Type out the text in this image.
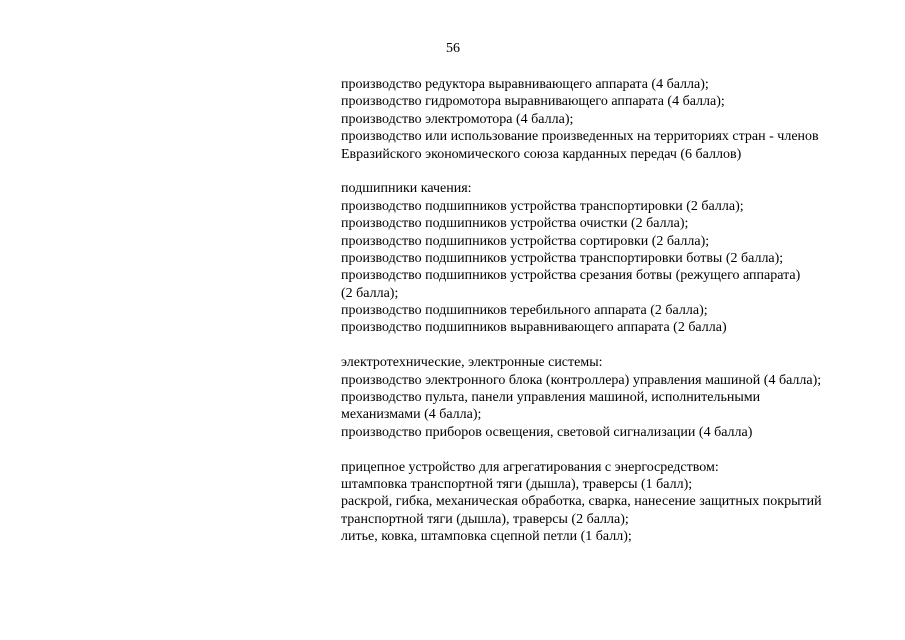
56
производство редуктора выравнивающего аппарата (4 балла);
производство гидромотора выравнивающего аппарата (4 балла);
производство электромотора (4 балла);
производство или использование произведенных на территориях стран - членов
Евразийского экономического союза карданных передач (6 баллов)
подшипники качения:
производство подшипников устройства транспортировки (2 балла);
производство подшипников устройства очистки (2 балла);
производство подшипников устройства сортировки (2 балла);
производство подшипников устройства транспортировки ботвы (2 балла);
производство подшипников устройства срезания ботвы (режущего аппарата)
(2 балла);
производство подшипников теребильного аппарата (2 балла);
производство подшипников выравнивающего аппарата (2 балла)
электротехнические, электронные системы:
производство электронного блока (контроллера) управления машиной (4 балла);
производство пульта, панели управления машиной, исполнительными
механизмами (4 балла);
производство приборов освещения, световой сигнализации (4 балла)
прицепное устройство для агрегатирования с энергосредством:
штамповка транспортной тяги (дышла), траверсы (1 балл);
раскрой, гибка, механическая обработка, сварка, нанесение защитных покрытий
транспортной тяги (дышла), траверсы (2 балла);
литье, ковка, штамповка сцепной петли (1 балл);
